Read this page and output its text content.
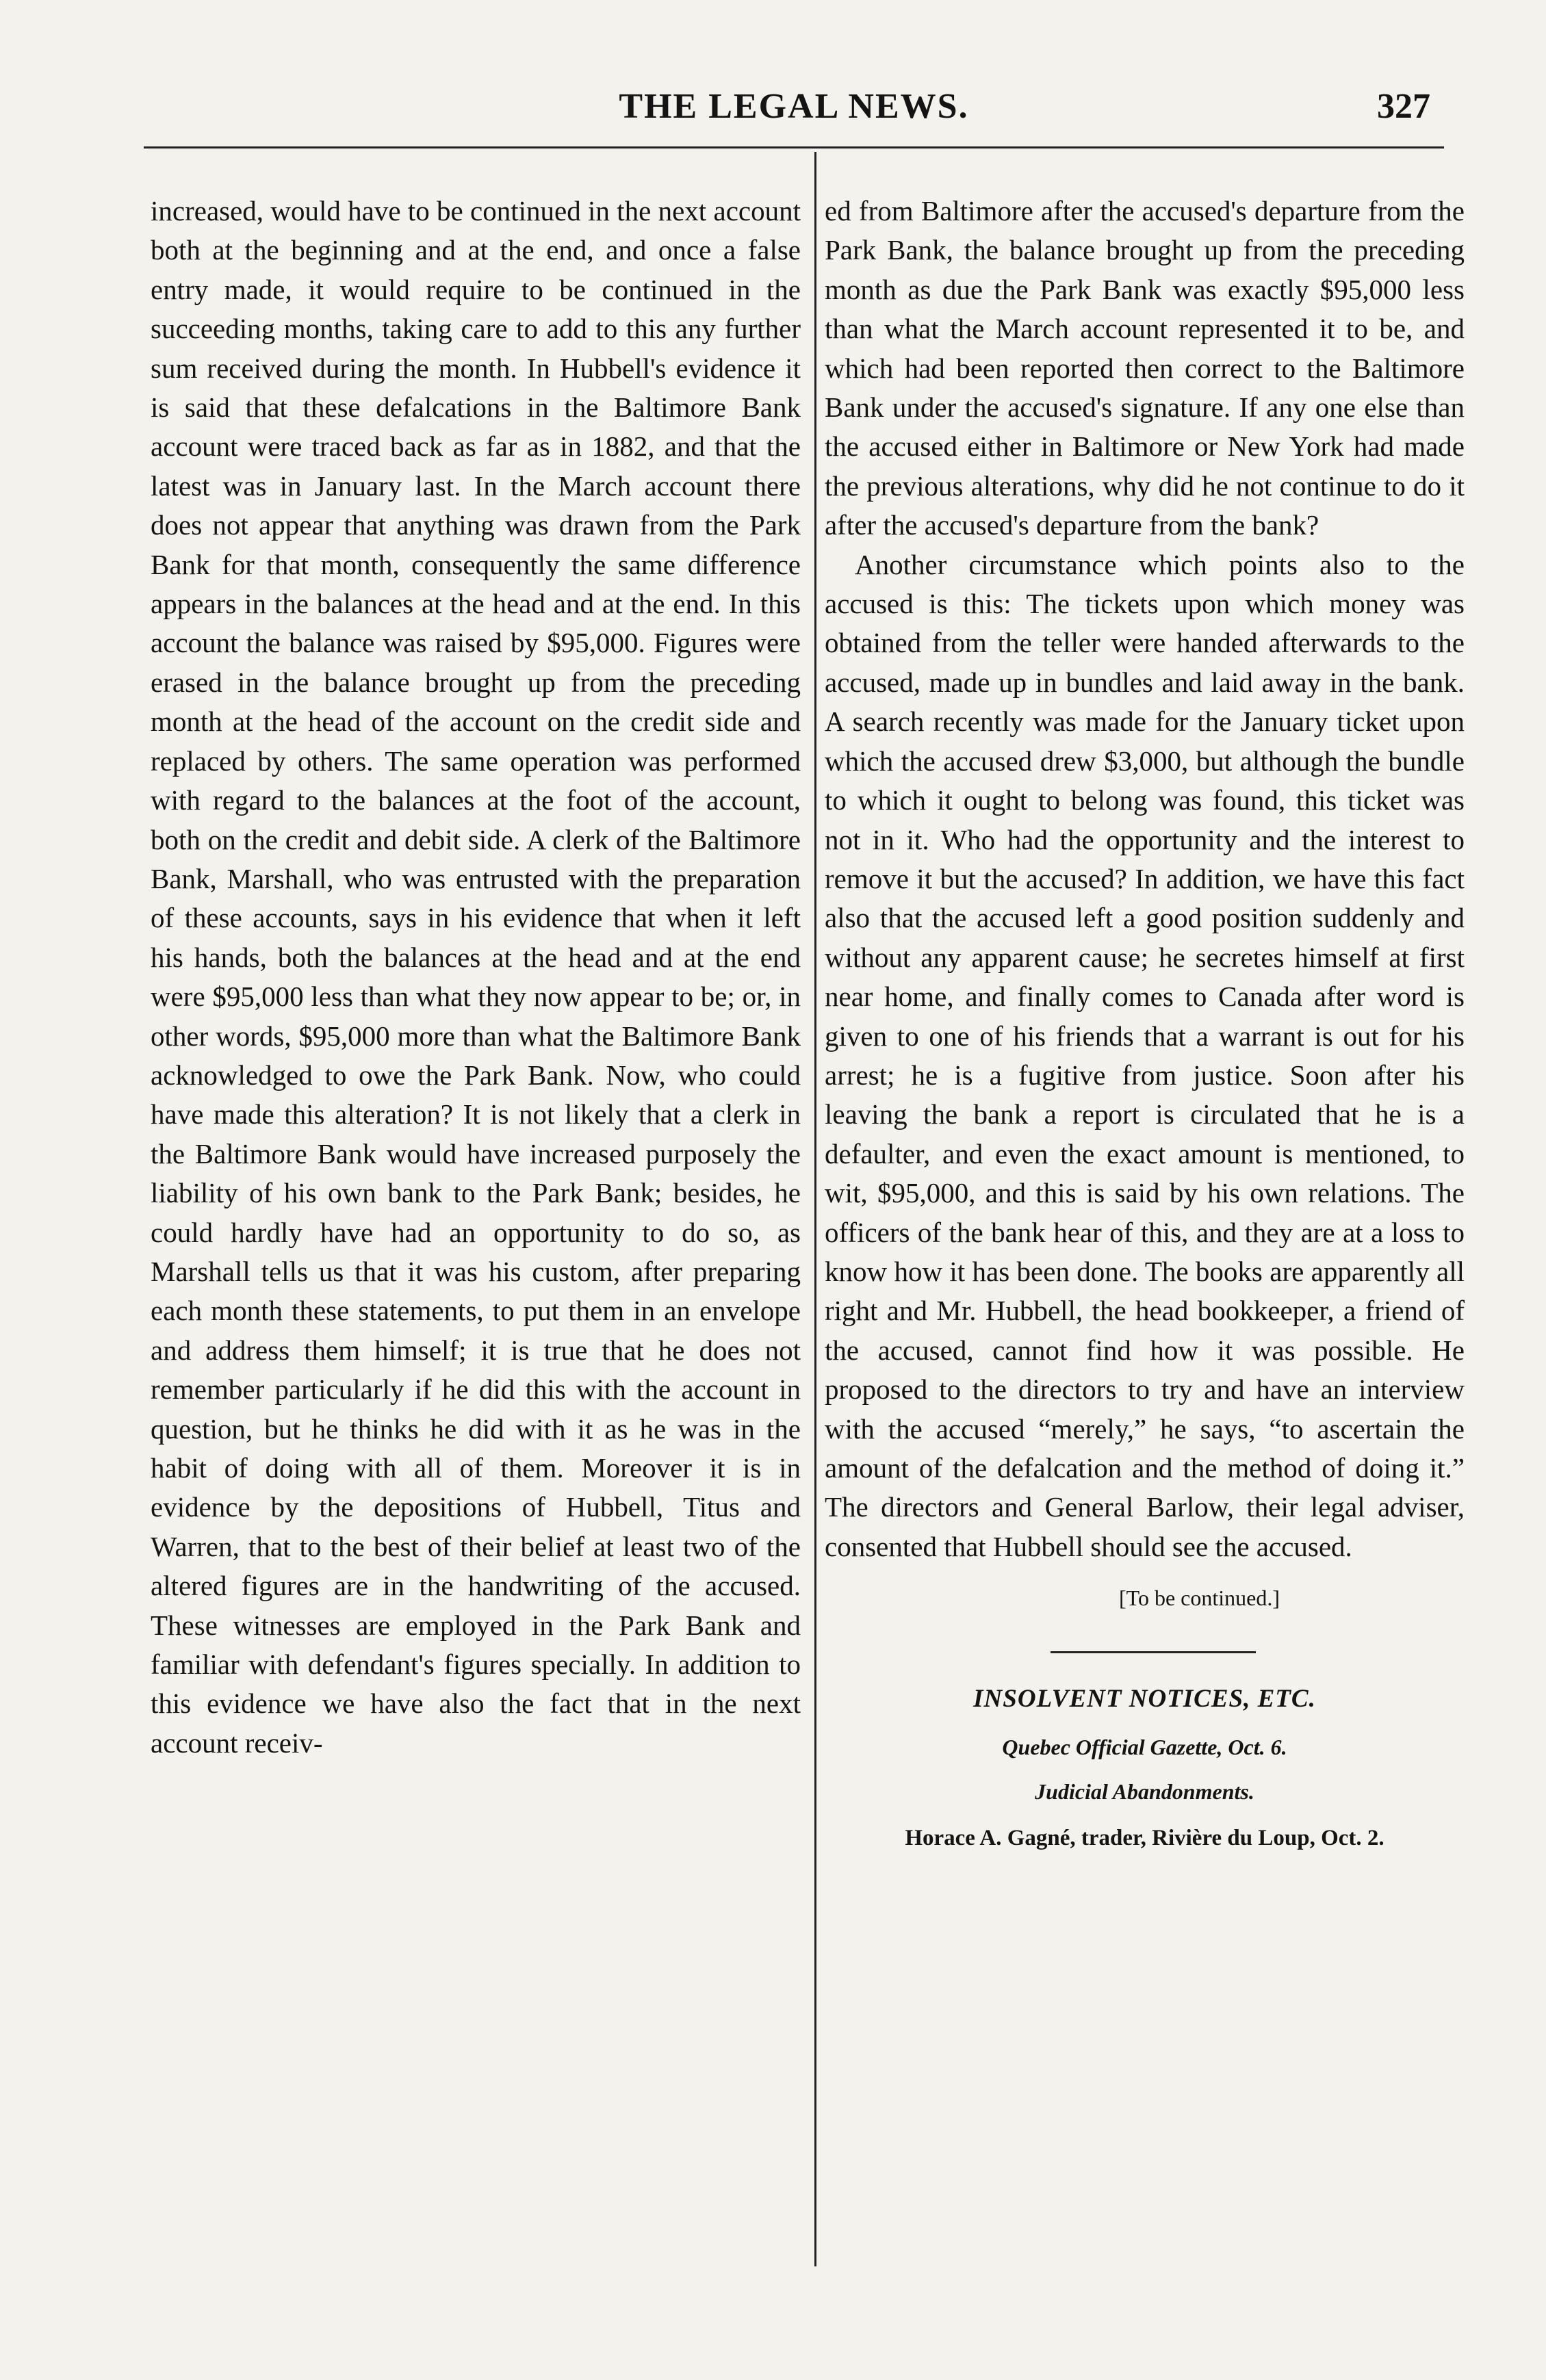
THE LEGAL NEWS.	327

increased, would have to be continued in the next account both at the beginning and at the end, and once a false entry made, it would require to be continued in the succeeding months, taking care to add to this any further sum received during the month. In Hubbell's evidence it is said that these defalcations in the Baltimore Bank account were traced back as far as in 1882, and that the latest was in January last. In the March account there does not appear that anything was drawn from the Park Bank for that month, consequently the same difference appears in the balances at the head and at the end. In this account the balance was raised by $95,000. Figures were erased in the balance brought up from the preceding month at the head of the account on the credit side and replaced by others. The same operation was performed with regard to the balances at the foot of the account, both on the credit and debit side. A clerk of the Baltimore Bank, Marshall, who was entrusted with the preparation of these accounts, says in his evidence that when it left his hands, both the balances at the head and at the end were $95,000 less than what they now appear to be; or, in other words, $95,000 more than what the Baltimore Bank acknowledged to owe the Park Bank. Now, who could have made this alteration? It is not likely that a clerk in the Baltimore Bank would have increased purposely the liability of his own bank to the Park Bank; besides, he could hardly have had an opportunity to do so, as Marshall tells us that it was his custom, after preparing each month these statements, to put them in an envelope and address them himself; it is true that he does not remember particularly if he did this with the account in question, but he thinks he did with it as he was in the habit of doing with all of them. Moreover it is in evidence by the depositions of Hubbell, Titus and Warren, that to the best of their belief at least two of the altered figures are in the handwriting of the accused. These witnesses are employed in the Park Bank and familiar with defendant's figures specially. In addition to this evidence we have also the fact that in the next account receiv-

ed from Baltimore after the accused's departure from the Park Bank, the balance brought up from the preceding month as due the Park Bank was exactly $95,000 less than what the March account represented it to be, and which had been reported then correct to the Baltimore Bank under the accused's signature. If any one else than the accused either in Baltimore or New York had made the previous alterations, why did he not continue to do it after the accused's departure from the bank?

Another circumstance which points also to the accused is this: The tickets upon which money was obtained from the teller were handed afterwards to the accused, made up in bundles and laid away in the bank. A search recently was made for the January ticket upon which the accused drew $3,000, but although the bundle to which it ought to belong was found, this ticket was not in it. Who had the opportunity and the interest to remove it but the accused? In addition, we have this fact also that the accused left a good position suddenly and without any apparent cause; he secretes himself at first near home, and finally comes to Canada after word is given to one of his friends that a warrant is out for his arrest; he is a fugitive from justice. Soon after his leaving the bank a report is circulated that he is a defaulter, and even the exact amount is mentioned, to wit, $95,000, and this is said by his own relations. The officers of the bank hear of this, and they are at a loss to know how it has been done. The books are apparently all right and Mr. Hubbell, the head bookkeeper, a friend of the accused, cannot find how it was possible. He proposed to the directors to try and have an interview with the accused “merely,” he says, “to ascertain the amount of the defalcation and the method of doing it.” The directors and General Barlow, their legal adviser, consented that Hubbell should see the accused.

[To be continued.]
INSOLVENT NOTICES, ETC.
Quebec Official Gazette, Oct. 6.
Judicial Abandonments.
Horace A. Gagné, trader, Rivière du Loup, Oct. 2.
